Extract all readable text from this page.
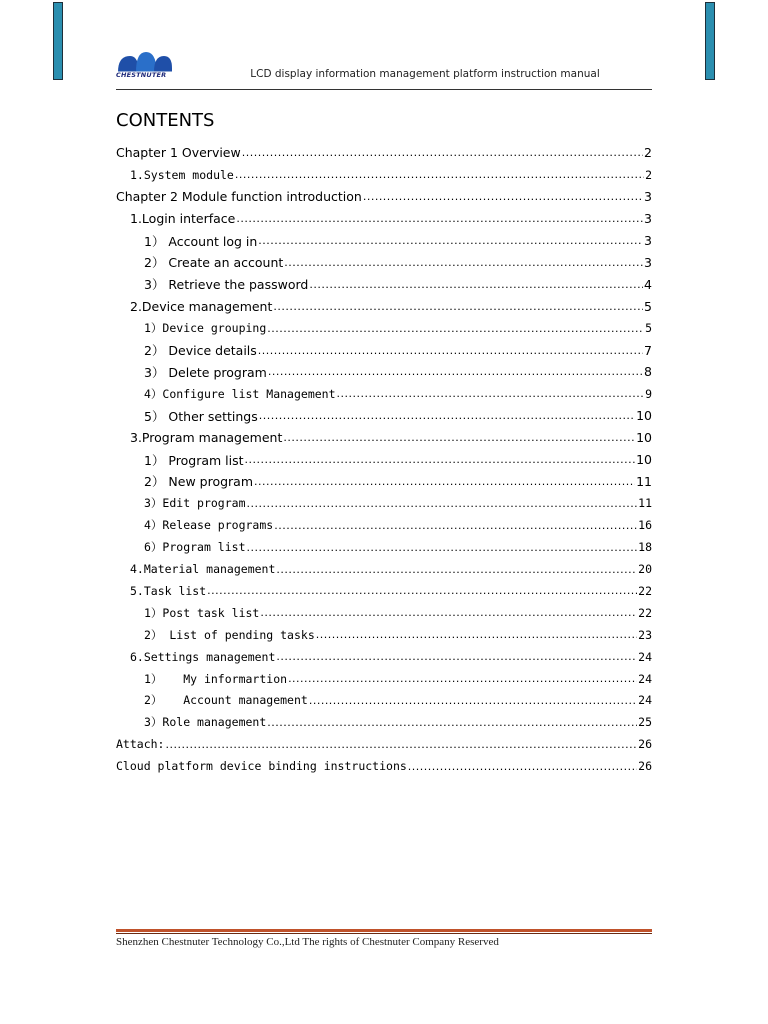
CHESTNUTER	LCD display information management platform instruction manual
CONTENTS
Chapter 1 Overview .....	2
1.System module .....	2
Chapter 2 Module function introduction .....	3
1.Login interface .....	3
1） Account log in .....	3
2） Create an account .....	3
3） Retrieve the password .....	4
2.Device management .....	5
1）Device grouping .....	5
2） Device details .....	7
3） Delete program .....	8
4）Configure list Management .....	9
5） Other settings .....	10
3.Program management .....	10
1） Program list .....	10
2） New program .....	11
3）Edit program .....	11
4）Release programs .....	16
6）Program list .....	18
4.Material management .....	20
5.Task list .....	22
1）Post task list .....	22
2） List of pending tasks .....	23
6.Settings management .....	24
1）   My informartion .....	24
2）   Account management .....	24
3）Role management .....	25
Attach: .....	26
Cloud platform device binding instructions .....	26
Shenzhen Chestnuter Technology Co.,Ltd The rights of Chestnuter Company Reserved
